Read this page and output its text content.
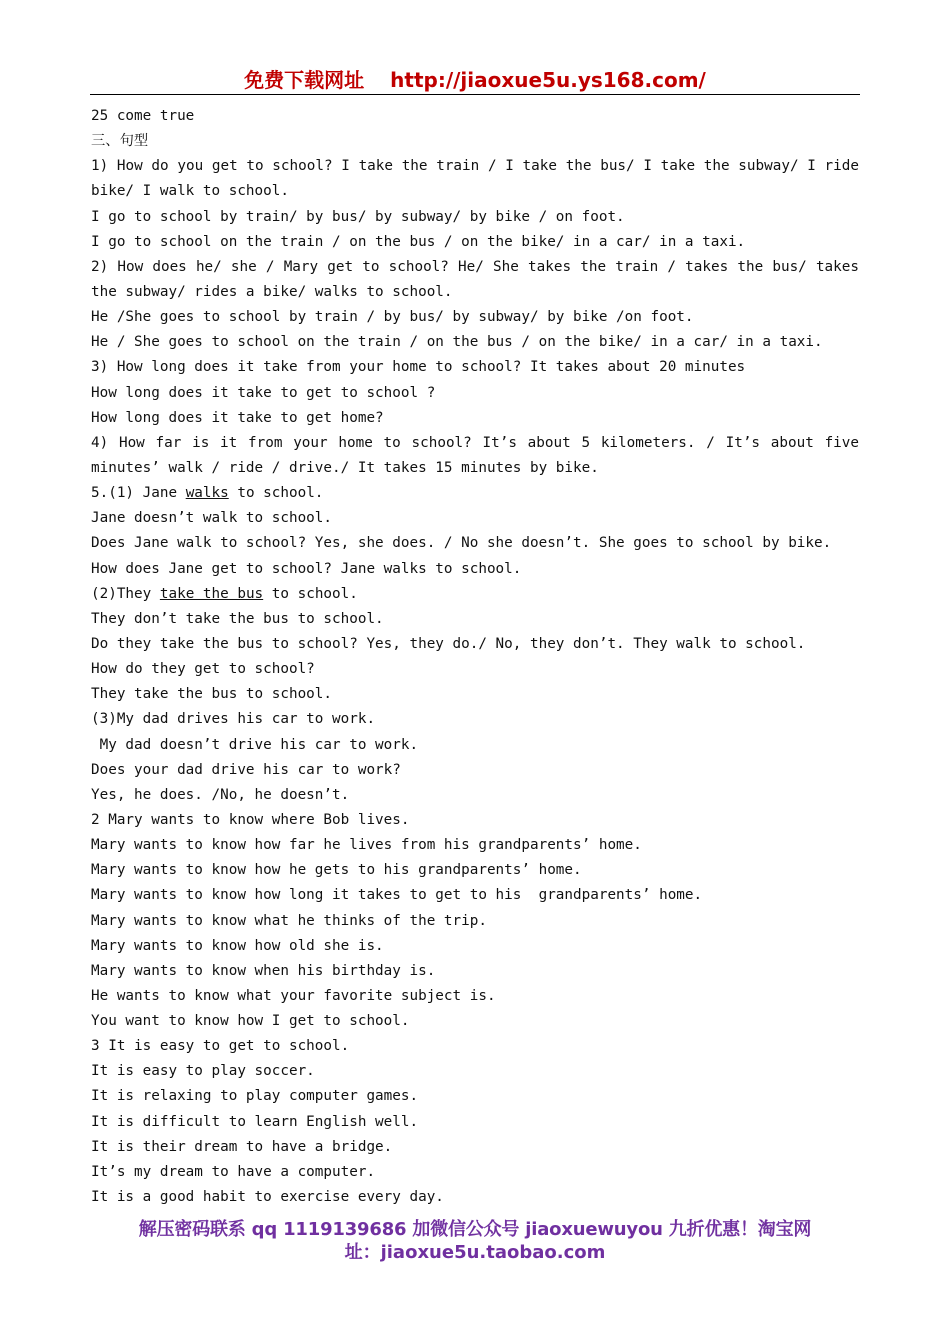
免费下载网址 http://jiaoxue5u.ys168.com/
25 come true
三、句型
1) How do you get to school? I take the train / I take the bus/ I take the subway/ I ride
bike/ I walk to school.
I go to school by train/ by bus/ by subway/ by bike / on foot.
I go to school on the train / on the bus / on the bike/ in a car/ in a taxi.
2) How does he/ she / Mary get to school? He/ She takes the train / takes the bus/ takes
the subway/ rides a bike/ walks to school.
He /She goes to school by train / by bus/ by subway/ by bike /on foot.
He / She goes to school on the train / on the bus / on the bike/ in a car/ in a taxi.
3) How long does it take from your home to school? It takes about 20 minutes
How long does it take to get to school ?
How long does it take to get home?
4) How far is it from your home to school? It’s about 5 kilometers. / It’s about five
minutes’ walk / ride / drive./ It takes 15 minutes by bike.
5.(1) Jane walks to school.
Jane doesn’t walk to school.
Does Jane walk to school? Yes, she does. / No she doesn’t. She goes to school by bike.
How does Jane get to school? Jane walks to school.
(2)They take the bus to school.
They don’t take the bus to school.
Do they take the bus to school? Yes, they do./ No, they don’t. They walk to school.
How do they get to school?
They take the bus to school.
(3)My dad drives his car to work.
My dad doesn’t drive his car to work.
Does your dad drive his car to work?
Yes, he does. /No, he doesn’t.
2 Mary wants to know where Bob lives.
Mary wants to know how far he lives from his grandparents’ home.
Mary wants to know how he gets to his grandparents’ home.
Mary wants to know how long it takes to get to his  grandparents’ home.
Mary wants to know what he thinks of the trip.
Mary wants to know how old she is.
Mary wants to know when his birthday is.
He wants to know what your favorite subject is.
You want to know how I get to school.
3 It is easy to get to school.
It is easy to play soccer.
It is relaxing to play computer games.
It is difficult to learn English well.
It is their dream to have a bridge.
It’s my dream to have a computer.
It is a good habit to exercise every day.
解压密码联系 qq 1119139686 加微信公众号 jiaoxuewuyou 九折优惠！淘宝网
址：jiaoxue5u.taobao.com
